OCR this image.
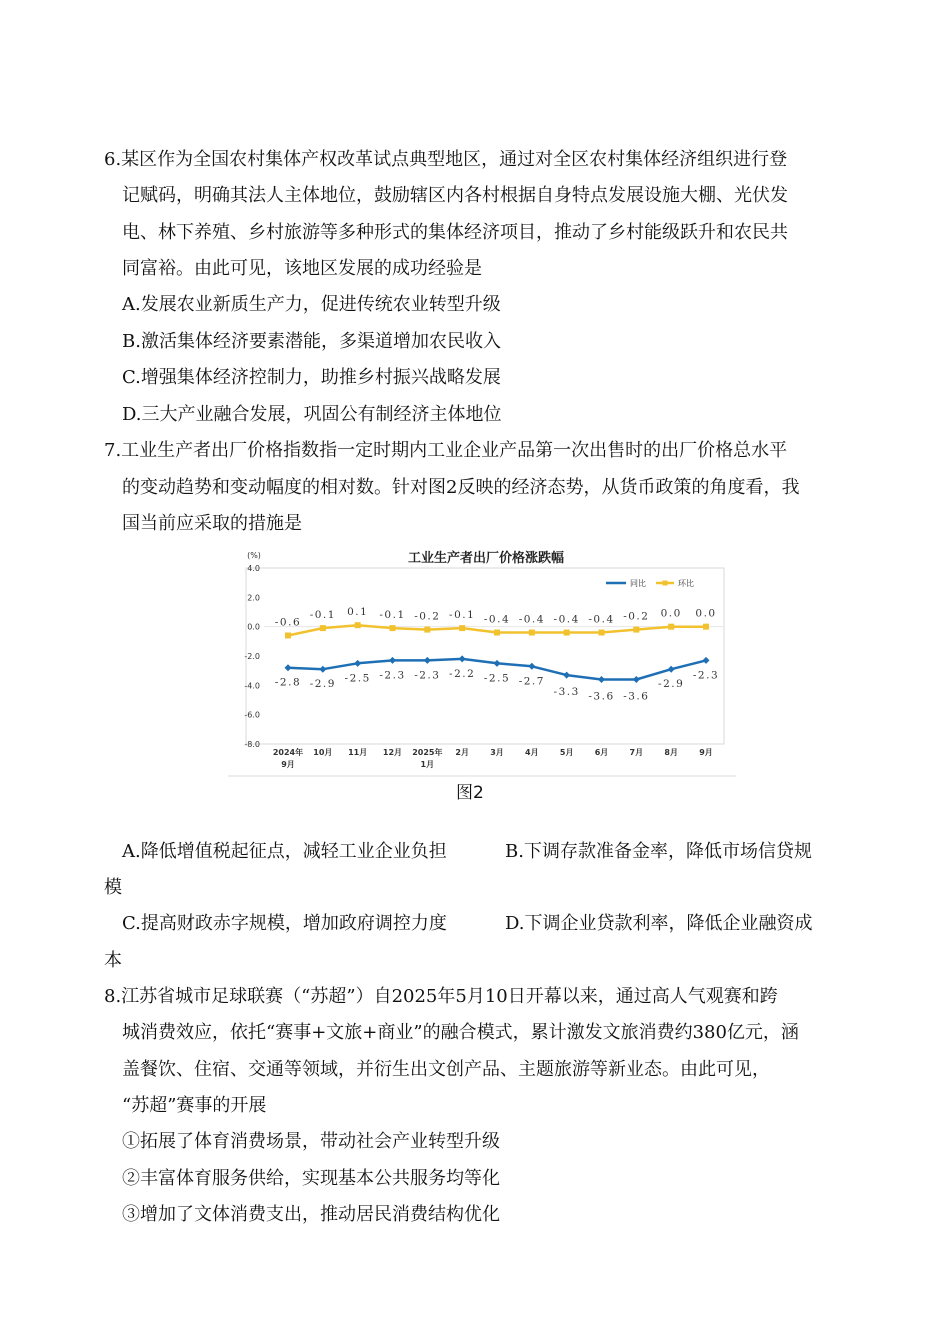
6.某区作为全国农村集体产权改革试点典型地区，通过对全区农村集体经济组织进行登
记赋码，明确其法人主体地位，鼓励辖区内各村根据自身特点发展设施大棚、光伏发
电、林下养殖、乡村旅游等多种形式的集体经济项目，推动了乡村能级跃升和农民共
同富裕。由此可见，该地区发展的成功经验是
A.发展农业新质生产力，促进传统农业转型升级
B.激活集体经济要素潜能，多渠道增加农民收入
C.增强集体经济控制力，助推乡村振兴战略发展
D.三大产业融合发展，巩固公有制经济主体地位
7.工业生产者出厂价格指数指一定时期内工业企业产品第一次出售时的出厂价格总水平
的变动趋势和变动幅度的相对数。针对图2反映的经济态势，从货币政策的角度看，我
国当前应采取的措施是
工业生产者出厂价格涨跌幅
(%)
4.0
2.0
0.0
-2.0
-4.0
-6.0
-8.0
2024年
9月
10月 11月 12月 2025年
1月
2月	3月	4月	5月	6月	7月	8月	9月
-2.8 -2.9 -2.5 -2.3 -2.3 -2.2 -2.5 -2.7
-3.3 -3.6 -3.6
-2.9
-2.3
-0.6
-0.1 0.1 -0.1 -0.2 -0.1 -0.4 -0.4 -0.4 -0.4 -0.2 0.0 0.0
同比	环比
图2
A.降低增值税起征点，减轻工业企业负担	B.下调存款准备金率，降低市场信贷规
模
C.提高财政赤字规模，增加政府调控力度	D.下调企业贷款利率，降低企业融资成
本
8.江苏省城市足球联赛（“苏超”）自2025年5月10日开幕以来，通过高人气观赛和跨
城消费效应，依托“赛事+文旅+商业”的融合模式，累计激发文旅消费约380亿元，涵
盖餐饮、住宿、交通等领域，并衍生出文创产品、主题旅游等新业态。由此可见，
“苏超”赛事的开展
①拓展了体育消费场景，带动社会产业转型升级
②丰富体育服务供给，实现基本公共服务均等化
③增加了文体消费支出，推动居民消费结构优化
